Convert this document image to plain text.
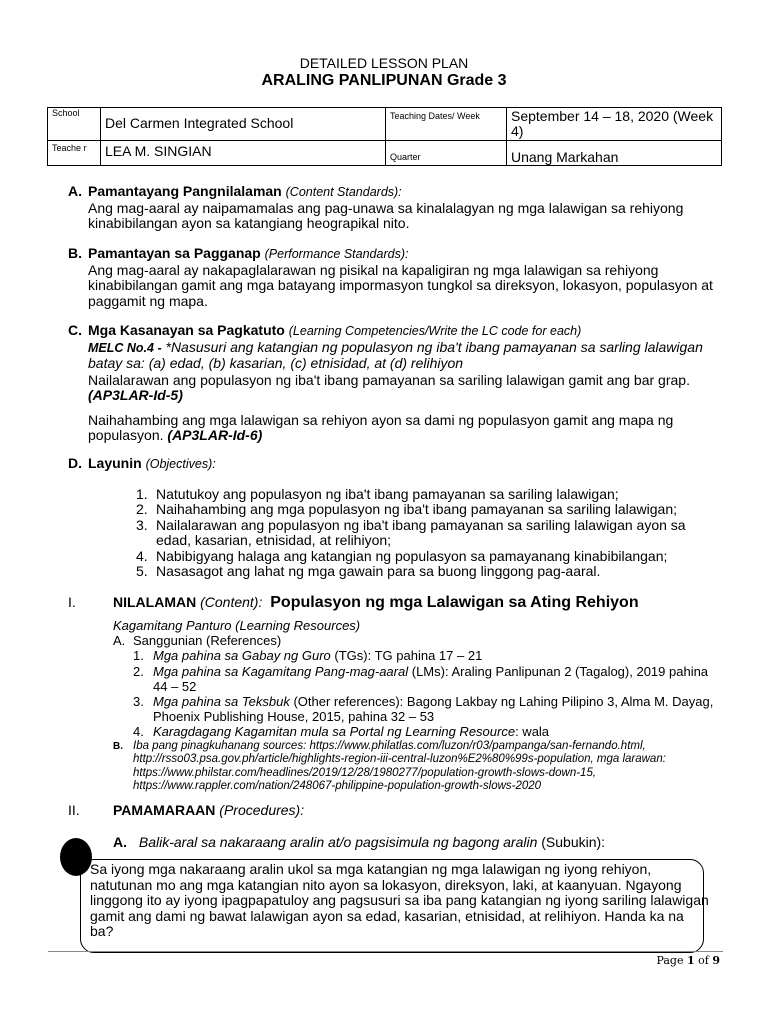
DETAILED LESSON PLAN
ARALING PANLIPUNAN Grade 3
School	Del Carmen Integrated School	Teaching Dates/ Week	September 14 – 18, 2020 (Week 4)

Teache r	LEA M. SINGIAN	Quarter	Unang Markahan
A. Pamantayang Pangnilalaman (Content Standards):
Ang mag-aaral ay naipamamalas ang pag-unawa sa kinalalagyan ng mga lalawigan sa rehiyong kinabibilangan ayon sa katangiang heograpikal nito.
B. Pamantayan sa Pagganap (Performance Standards):
Ang mag-aaral ay nakapaglalarawan ng pisikal na kapaligiran ng mga lalawigan sa rehiyong kinabibilangan gamit ang mga batayang impormasyon tungkol sa direksyon, lokasyon, populasyon at paggamit ng mapa.
C. Mga Kasanayan sa Pagkatuto (Learning Competencies/Write the LC code for each)
MELC No.4 - *Nasusuri ang katangian ng populasyon ng iba't ibang pamayanan sa sarling lalawigan batay sa: (a) edad, (b) kasarian, (c) etnisidad, at (d) relihiyon
Nailalarawan ang populasyon ng iba't ibang pamayanan sa sariling lalawigan gamit ang bar grap. (AP3LAR-Id-5)
Naihahambing ang mga lalawigan sa rehiyon ayon sa dami ng populasyon gamit ang mapa ng populasyon. (AP3LAR-Id-6)
D. Layunin (Objectives):
1. Natutukoy ang populasyon ng iba't ibang pamayanan sa sariling lalawigan;
2. Naihahambing ang mga populasyon ng iba't ibang pamayanan sa sariling lalawigan;
3. Nailalarawan ang populasyon ng iba't ibang pamayanan sa sariling lalawigan ayon sa edad, kasarian, etnisidad, at relihiyon;
4. Nabibigyang halaga ang katangian ng populasyon sa pamayanang kinabibilangan;
5. Nasasagot ang lahat ng mga gawain para sa buong linggong pag-aaral.
I.	NILALAMAN (Content): Populasyon ng mga Lalawigan sa Ating Rehiyon
Kagamitang Panturo (Learning Resources)
A. Sanggunian (References)
1. Mga pahina sa Gabay ng Guro (TGs): TG pahina 17 – 21
2. Mga pahina sa Kagamitang Pang-mag-aaral (LMs): Araling Panlipunan 2 (Tagalog), 2019 pahina 44 – 52
3. Mga pahina sa Teksbuk (Other references): Bagong Lakbay ng Lahing Pilipino 3, Alma M. Dayag, Phoenix Publishing House, 2015, pahina 32 – 53
4. Karagdagang Kagamitan mula sa Portal ng Learning Resource: wala
B. Iba pang pinagkuhanang sources: https://www.philatlas.com/luzon/r03/pampanga/san-fernando.html, http://rsso03.psa.gov.ph/article/highlights-region-iii-central-luzon%E2%80%99s-population, mga larawan: https://www.philstar.com/headlines/2019/12/28/1980277/population-growth-slows-down-15, https://www.rappler.com/nation/248067-philippine-population-growth-slows-2020
II. PAMAMARAAN (Procedures):
A. Balik-aral sa nakaraang aralin at/o pagsisimula ng bagong aralin (Subukin):
Sa iyong mga nakaraang aralin ukol sa mga katangian ng mga lalawigan ng iyong rehiyon, natutunan mo ang mga katangian nito ayon sa lokasyon, direksyon, laki, at kaanyuan. Ngayong linggong ito ay iyong ipagpapatuloy ang pagsusuri sa iba pang katangian ng iyong sariling lalawigan gamit ang dami ng bawat lalawigan ayon sa edad, kasarian, etnisidad, at relihiyon. Handa ka na ba?
Page 1 of 9
